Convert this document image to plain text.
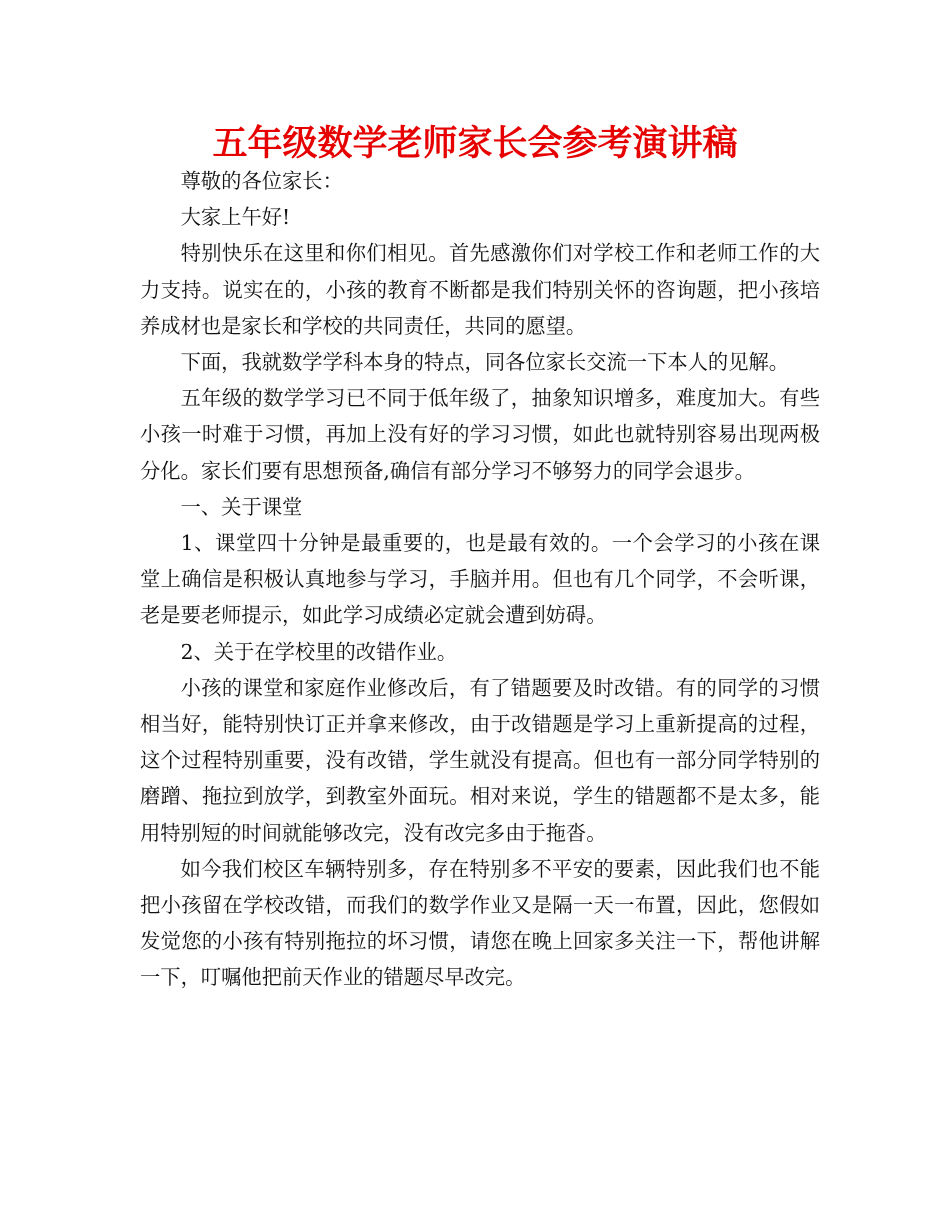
五年级数学老师家长会参考演讲稿

尊敬的各位家长：

大家上午好!

特别快乐在这里和你们相见。首先感激你们对学校工作和老师工作的大力支持。说实在的，小孩的教育不断都是我们特别关怀的咨询题，把小孩培养成材也是家长和学校的共同责任，共同的愿望。

下面，我就数学学科本身的特点，同各位家长交流一下本人的见解。

五年级的数学学习已不同于低年级了，抽象知识增多，难度加大。有些小孩一时难于习惯，再加上没有好的学习习惯，如此也就特别容易出现两极分化。家长们要有思想预备,确信有部分学习不够努力的同学会退步。

一、关于课堂

1、课堂四十分钟是最重要的，也是最有效的。一个会学习的小孩在课堂上确信是积极认真地参与学习，手脑并用。但也有几个同学，不会听课，老是要老师提示，如此学习成绩必定就会遭到妨碍。

2、关于在学校里的改错作业。

小孩的课堂和家庭作业修改后，有了错题要及时改错。有的同学的习惯相当好，能特别快订正并拿来修改，由于改错题是学习上重新提高的过程，这个过程特别重要，没有改错，学生就没有提高。但也有一部分同学特别的磨蹭、拖拉到放学，到教室外面玩。相对来说，学生的错题都不是太多，能用特别短的时间就能够改完，没有改完多由于拖沓。

如今我们校区车辆特别多，存在特别多不平安的要素，因此我们也不能把小孩留在学校改错，而我们的数学作业又是隔一天一布置，因此，您假如发觉您的小孩有特别拖拉的坏习惯，请您在晚上回家多关注一下，帮他讲解一下，叮嘱他把前天作业的错题尽早改完。
